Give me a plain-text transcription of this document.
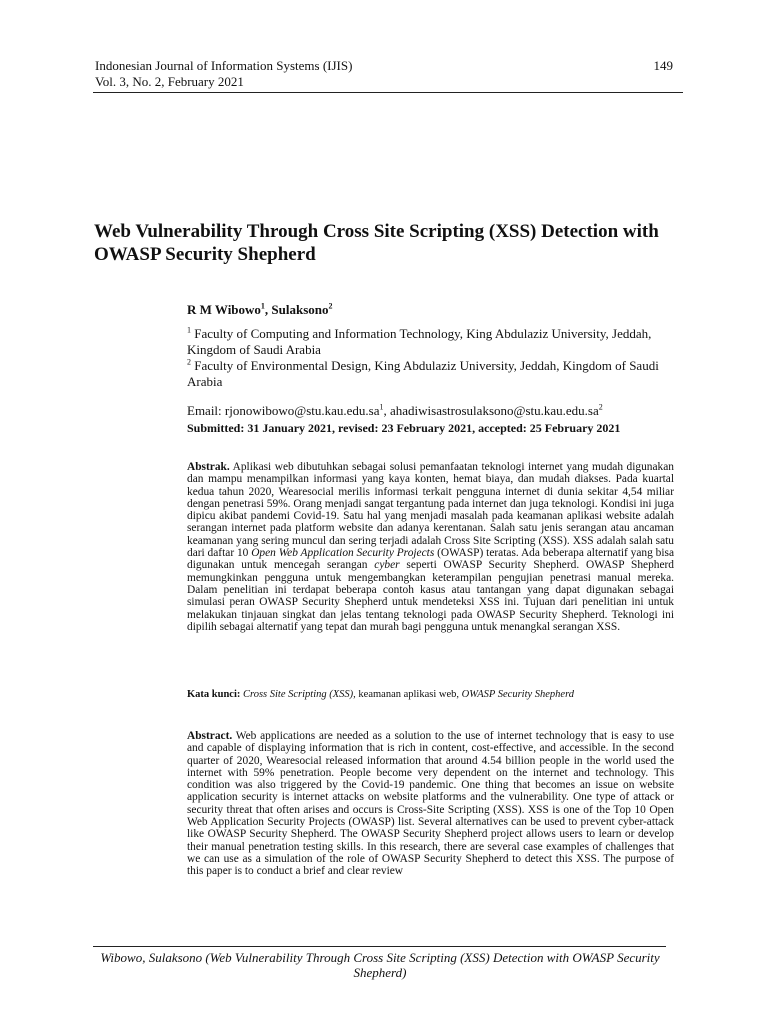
Indonesian Journal of Information Systems (IJIS)
Vol. 3, No. 2, February 2021
149
Web Vulnerability Through Cross Site Scripting (XSS) Detection with OWASP Security Shepherd
R M Wibowo$^1$, Sulaksono$^2$
$^1$ Faculty of Computing and Information Technology, King Abdulaziz University, Jeddah, Kingdom of Saudi Arabia
$^2$ Faculty of Environmental Design, King Abdulaziz University, Jeddah, Kingdom of Saudi Arabia
Email: $rjonowibowo@stu.kau.edu.sa^1$, $ahadiwisastrosulaksono@stu.kau.edu.sa^2$
Submitted: 31 January 2021, revised: 23 February 2021, accepted: 25 February 2021

Abstrak. Aplikasi web dibutuhkan sebagai solusi pemanfaatan teknologi internet yang mudah digunakan dan mampu menampilkan informasi yang kaya konten, hemat biaya, dan mudah diakses. Pada kuartal kedua tahun 2020, Wearesocial merilis informasi terkait pengguna internet di dunia sekitar 4,54 miliar dengan penetrasi 59%. Orang menjadi sangat tergantung pada internet dan juga teknologi. Kondisi ini juga dipicu akibat pandemi Covid-19. Satu hal yang menjadi masalah pada keamanan aplikasi website adalah serangan internet pada platform website dan adanya kerentanan. Salah satu jenis serangan atau ancaman keamanan yang sering muncul dan sering terjadi adalah Cross Site Scripting (XSS). XSS adalah salah satu dari daftar 10 Open Web Application Security Projects (OWASP) teratas. Ada beberapa alternatif yang bisa digunakan untuk mencegah serangan cyber seperti OWASP Security Shepherd. OWASP Shepherd memungkinkan pengguna untuk mengembangkan keterampilan pengujian penetrasi manual mereka. Dalam penelitian ini terdapat beberapa contoh kasus atau tantangan yang dapat digunakan sebagai simulasi peran OWASP Security Shepherd untuk mendeteksi XSS ini. Tujuan dari penelitian ini untuk melakukan tinjauan singkat dan jelas tentang teknologi pada OWASP Security Shepherd. Teknologi ini dipilih sebagai alternatif yang tepat dan murah bagi pengguna untuk menangkal serangan XSS.

Kata kunci: Cross Site Scripting (XSS), keamanan aplikasi web, OWASP Security Shepherd

Abstract. Web applications are needed as a solution to the use of internet technology that is easy to use and capable of displaying information that is rich in content, cost-effective, and accessible. In the second quarter of 2020, Wearesocial released information that around 4.54 billion people in the world used the internet with 59% penetration. People become very dependent on the internet and technology. This condition was also triggered by the Covid-19 pandemic. One thing that becomes an issue on website application security is internet attacks on website platforms and the vulnerability. One type of attack or security threat that often arises and occurs is Cross-Site Scripting (XSS). XSS is one of the Top 10 Open Web Application Security Projects (OWASP) list. Several alternatives can be used to prevent cyber-attack like OWASP Security Shepherd. The OWASP Security Shepherd project allows users to learn or develop their manual penetration testing skills. In this research, there are several case examples of challenges that we can use as a simulation of the role of OWASP Security Shepherd to detect this XSS. The purpose of this paper is to conduct a brief and clear review

Wibowo, Sulaksono (Web Vulnerability Through Cross Site Scripting (XSS) Detection with OWASP Security Shepherd)
